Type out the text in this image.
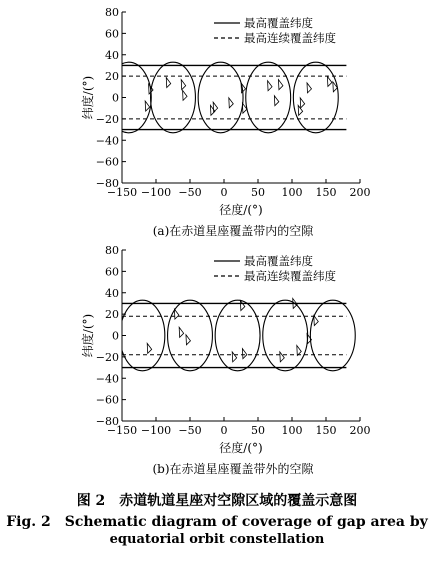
−80
−60
−40
−20
0
20
40
60
80
−150 −100 −50 0 50 100 150 200
径度/(°)
纬度/(°)
最高覆盖纬度
最高连续覆盖纬度
(a)在赤道星座覆盖带内的空隙
−80
−60
−40
−20
0
20
40
60
80
−150 −100 −50 0 50 100 150 200
径度/(°)
纬度/(°)
最高覆盖纬度
最高连续覆盖纬度
(b)在赤道星座覆盖带外的空隙
图 2　赤道轨道星座对空隙区域的覆盖示意图
Fig. 2　Schematic diagram of coverage of gap area by
equatorial orbit constellation
